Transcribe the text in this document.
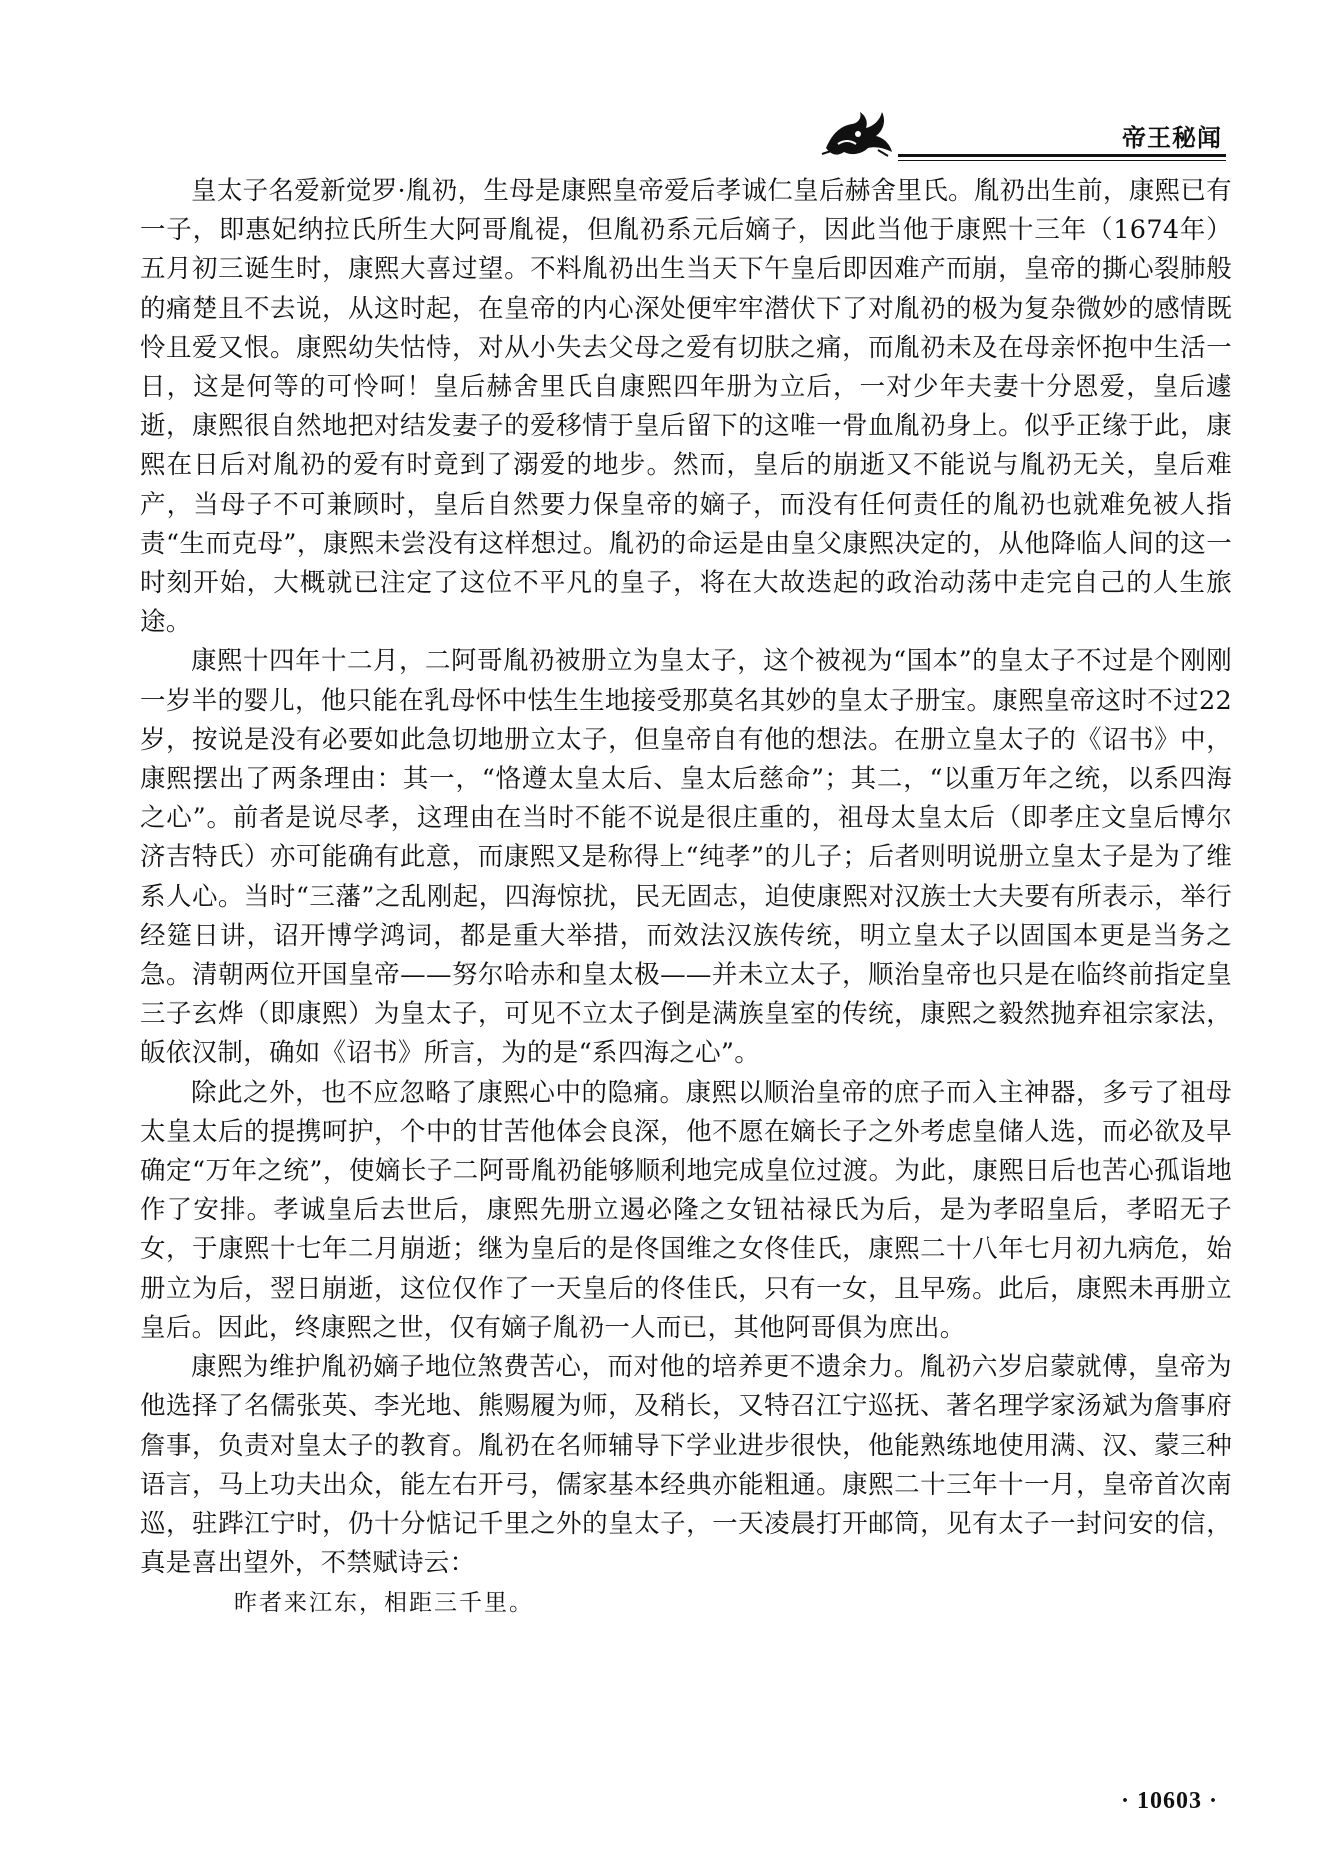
帝王秘闻

皇太子名爱新觉罗·胤礽，生母是康熙皇帝爱后孝诚仁皇后赫舍里氏。胤礽出生前，康熙已有一子，即惠妃纳拉氏所生大阿哥胤禔，但胤礽系元后嫡子，因此当他于康熙十三年（1674年）五月初三诞生时，康熙大喜过望。不料胤礽出生当天下午皇后即因难产而崩，皇帝的撕心裂肺般的痛楚且不去说，从这时起，在皇帝的内心深处便牢牢潜伏下了对胤礽的极为复杂微妙的感情既怜且爱又恨。康熙幼失怙恃，对从小失去父母之爱有切肤之痛，而胤礽未及在母亲怀抱中生活一日，这是何等的可怜呵！皇后赫舍里氏自康熙四年册为立后，一对少年夫妻十分恩爱，皇后遽逝，康熙很自然地把对结发妻子的爱移情于皇后留下的这唯一骨血胤礽身上。似乎正缘于此，康熙在日后对胤礽的爱有时竟到了溺爱的地步。然而，皇后的崩逝又不能说与胤礽无关，皇后难产，当母子不可兼顾时，皇后自然要力保皇帝的嫡子，而没有任何责任的胤礽也就难免被人指责“生而克母”，康熙未尝没有这样想过。胤礽的命运是由皇父康熙决定的，从他降临人间的这一时刻开始，大概就已注定了这位不平凡的皇子，将在大故迭起的政治动荡中走完自己的人生旅途。

康熙十四年十二月，二阿哥胤礽被册立为皇太子，这个被视为“国本”的皇太子不过是个刚刚一岁半的婴儿，他只能在乳母怀中怯生生地接受那莫名其妙的皇太子册宝。康熙皇帝这时不过22岁，按说是没有必要如此急切地册立太子，但皇帝自有他的想法。在册立皇太子的《诏书》中，康熙摆出了两条理由：其一，“恪遵太皇太后、皇太后慈命”；其二，“以重万年之统，以系四海之心”。前者是说尽孝，这理由在当时不能不说是很庄重的，祖母太皇太后（即孝庄文皇后博尔济吉特氏）亦可能确有此意，而康熙又是称得上“纯孝”的儿子；后者则明说册立皇太子是为了维系人心。当时“三藩”之乱刚起，四海惊扰，民无固志，迫使康熙对汉族士大夫要有所表示，举行经筵日讲，诏开博学鸿词，都是重大举措，而效法汉族传统，明立皇太子以固国本更是当务之急。清朝两位开国皇帝——努尔哈赤和皇太极——并未立太子，顺治皇帝也只是在临终前指定皇三子玄烨（即康熙）为皇太子，可见不立太子倒是满族皇室的传统，康熙之毅然抛弃祖宗家法，皈依汉制，确如《诏书》所言，为的是“系四海之心”。

除此之外，也不应忽略了康熙心中的隐痛。康熙以顺治皇帝的庶子而入主神器，多亏了祖母太皇太后的提携呵护，个中的甘苦他体会良深，他不愿在嫡长子之外考虑皇储人选，而必欲及早确定“万年之统”，使嫡长子二阿哥胤礽能够顺利地完成皇位过渡。为此，康熙日后也苦心孤诣地作了安排。孝诚皇后去世后，康熙先册立遏必隆之女钮祜禄氏为后，是为孝昭皇后，孝昭无子女，于康熙十七年二月崩逝；继为皇后的是佟国维之女佟佳氏，康熙二十八年七月初九病危，始册立为后，翌日崩逝，这位仅作了一天皇后的佟佳氏，只有一女，且早殇。此后，康熙未再册立皇后。因此，终康熙之世，仅有嫡子胤礽一人而已，其他阿哥俱为庶出。

康熙为维护胤礽嫡子地位煞费苦心，而对他的培养更不遗余力。胤礽六岁启蒙就傅，皇帝为他选择了名儒张英、李光地、熊赐履为师，及稍长，又特召江宁巡抚、著名理学家汤斌为詹事府詹事，负责对皇太子的教育。胤礽在名师辅导下学业进步很快，他能熟练地使用满、汉、蒙三种语言，马上功夫出众，能左右开弓，儒家基本经典亦能粗通。康熙二十三年十一月，皇帝首次南巡，驻跸江宁时，仍十分惦记千里之外的皇太子，一天凌晨打开邮筒，见有太子一封问安的信，真是喜出望外，不禁赋诗云：

昨者来江东，相距三千里。

· 10603 ·
